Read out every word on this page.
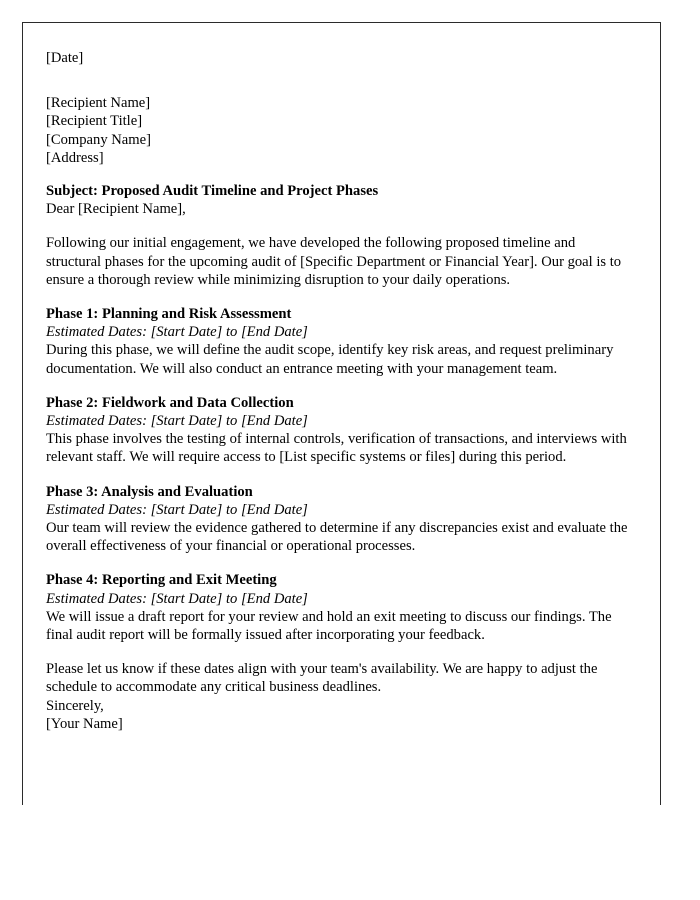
[Date]

[Recipient Name]
[Recipient Title]
[Company Name]
[Address]

Subject: Proposed Audit Timeline and Project Phases

Dear [Recipient Name],

Following our initial engagement, we have developed the following proposed timeline and structural phases for the upcoming audit of [Specific Department or Financial Year]. Our goal is to ensure a thorough review while minimizing disruption to your daily operations.

Phase 1: Planning and Risk Assessment

Estimated Dates: [Start Date] to [End Date]

During this phase, we will define the audit scope, identify key risk areas, and request preliminary documentation. We will also conduct an entrance meeting with your management team.

Phase 2: Fieldwork and Data Collection

Estimated Dates: [Start Date] to [End Date]

This phase involves the testing of internal controls, verification of transactions, and interviews with relevant staff. We will require access to [List specific systems or files] during this period.

Phase 3: Analysis and Evaluation

Estimated Dates: [Start Date] to [End Date]

Our team will review the evidence gathered to determine if any discrepancies exist and evaluate the overall effectiveness of your financial or operational processes.

Phase 4: Reporting and Exit Meeting

Estimated Dates: [Start Date] to [End Date]

We will issue a draft report for your review and hold an exit meeting to discuss our findings. The final audit report will be formally issued after incorporating your feedback.

Please let us know if these dates align with your team's availability. We are happy to adjust the schedule to accommodate any critical business deadlines.

Sincerely,

[Your Name]
